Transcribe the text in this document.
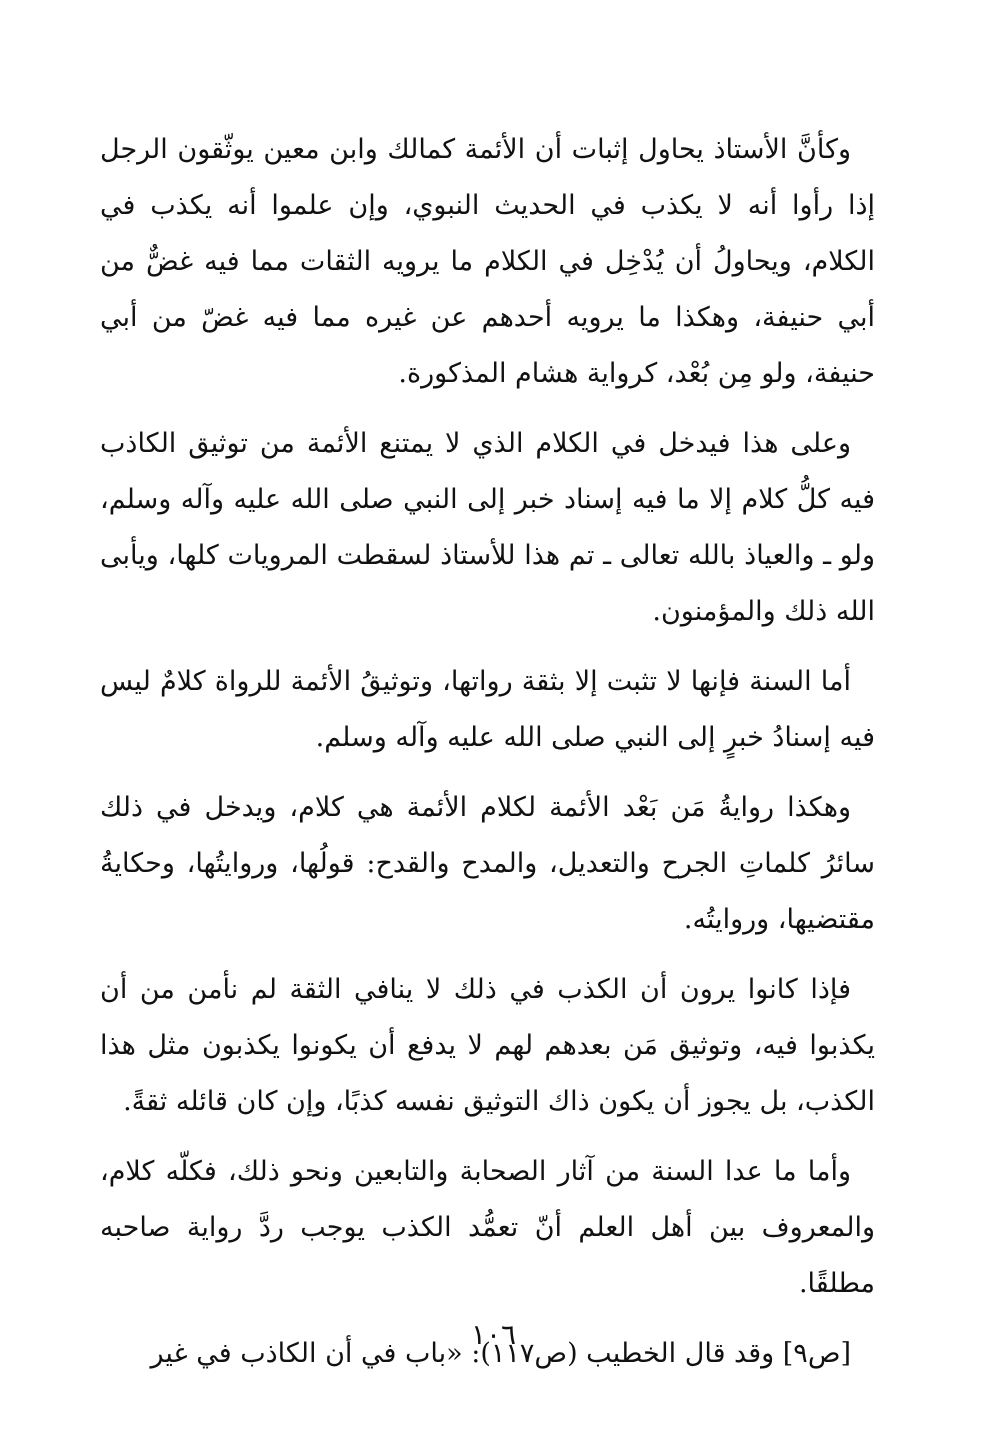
وكأنَّ الأستاذ يحاول إثبات أن الأئمة كمالك وابن معين يوثّقون الرجل إذا رأوا أنه لا يكذب في الحديث النبوي، وإن علموا أنه يكذب في الكلام، ويحاولُ أن يُدْخِل في الكلام ما يرويه الثقات مما فيه غضٌّ من أبي حنيفة، وهكذا ما يرويه أحدهم عن غيره مما فيه غضّ من أبي حنيفة، ولو مِن بُعْد، كرواية هشام المذكورة.

وعلى هذا فيدخل في الكلام الذي لا يمتنع الأئمة من توثيق الكاذب فيه كلُّ كلام إلا ما فيه إسناد خبر إلى النبي صلى الله عليه وآله وسلم، ولو ـ والعياذ بالله تعالى ـ تم هذا للأستاذ لسقطت المرويات كلها، ويأبى الله ذلك والمؤمنون.

أما السنة فإنها لا تثبت إلا بثقة رواتها، وتوثيقُ الأئمة للرواة كلامٌ ليس فيه إسنادُ خبرٍ إلى النبي صلى الله عليه وآله وسلم.

وهكذا روايةُ مَن بَعْد الأئمة لكلام الأئمة هي كلام، ويدخل في ذلك سائرُ كلماتِ الجرح والتعديل، والمدح والقدح: قولُها، وروايتُها، وحكايةُ مقتضيها، وروايتُه.

فإذا كانوا يرون أن الكذب في ذلك لا ينافي الثقة لم نأمن من أن يكذبوا فيه، وتوثيق مَن بعدهم لهم لا يدفع أن يكونوا يكذبون مثل هذا الكذب، بل يجوز أن يكون ذاك التوثيق نفسه كذبًا، وإن كان قائله ثقةً.

وأما ما عدا السنة من آثار الصحابة والتابعين ونحو ذلك، فكلّه كلام، والمعروف بين أهل العلم أنّ تعمُّد الكذب يوجب ردَّ رواية صاحبه مطلقًا.

[ص٩] وقد قال الخطيب (ص١١٧): «باب في أن الكاذب في غير

١٠٦
